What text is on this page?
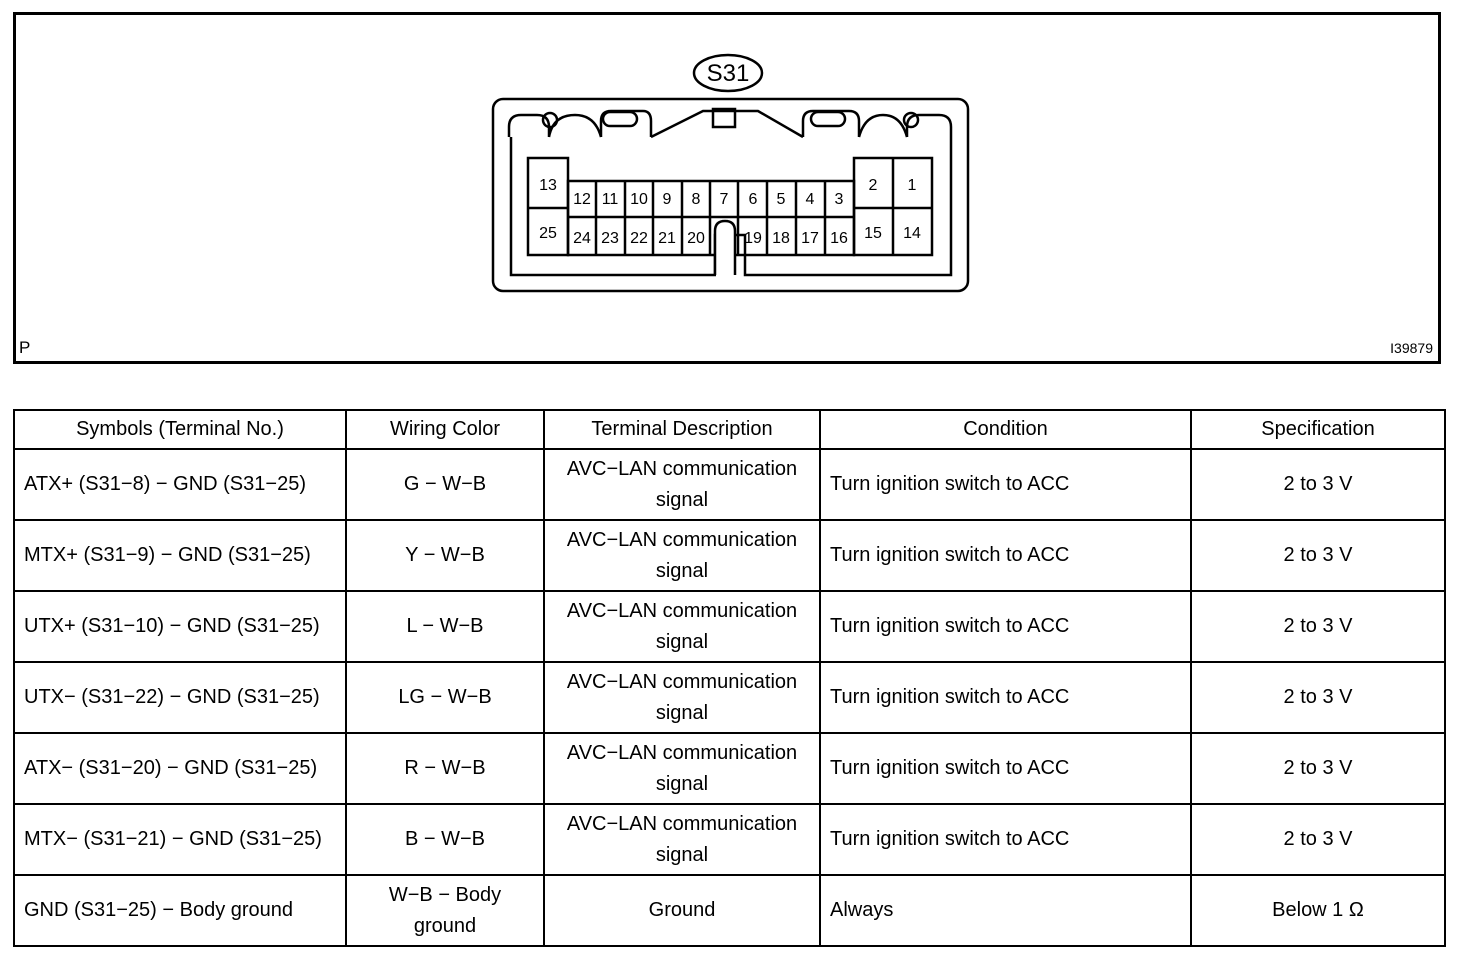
S31
13
25
12 11 10 9 8 7 6 5 4 3
24 23 22 21 20 19 18 17 16
2 1
15 14
P	I39879
Symbols (Terminal No.)	Wiring Color	Terminal Description	Condition	Specification
ATX+ (S31−8) − GND (S31−25)	G − W−B	AVC−LAN communication signal	Turn ignition switch to ACC	2 to 3 V
MTX+ (S31−9) − GND (S31−25)	Y − W−B	AVC−LAN communication signal	Turn ignition switch to ACC	2 to 3 V
UTX+ (S31−10) − GND (S31−25)	L − W−B	AVC−LAN communication signal	Turn ignition switch to ACC	2 to 3 V
UTX− (S31−22) − GND (S31−25)	LG − W−B	AVC−LAN communication signal	Turn ignition switch to ACC	2 to 3 V
ATX− (S31−20) − GND (S31−25)	R − W−B	AVC−LAN communication signal	Turn ignition switch to ACC	2 to 3 V
MTX− (S31−21) − GND (S31−25)	B − W−B	AVC−LAN communication signal	Turn ignition switch to ACC	2 to 3 V
GND (S31−25) − Body ground	W−B − Body ground	Ground	Always	Below 1 Ω
